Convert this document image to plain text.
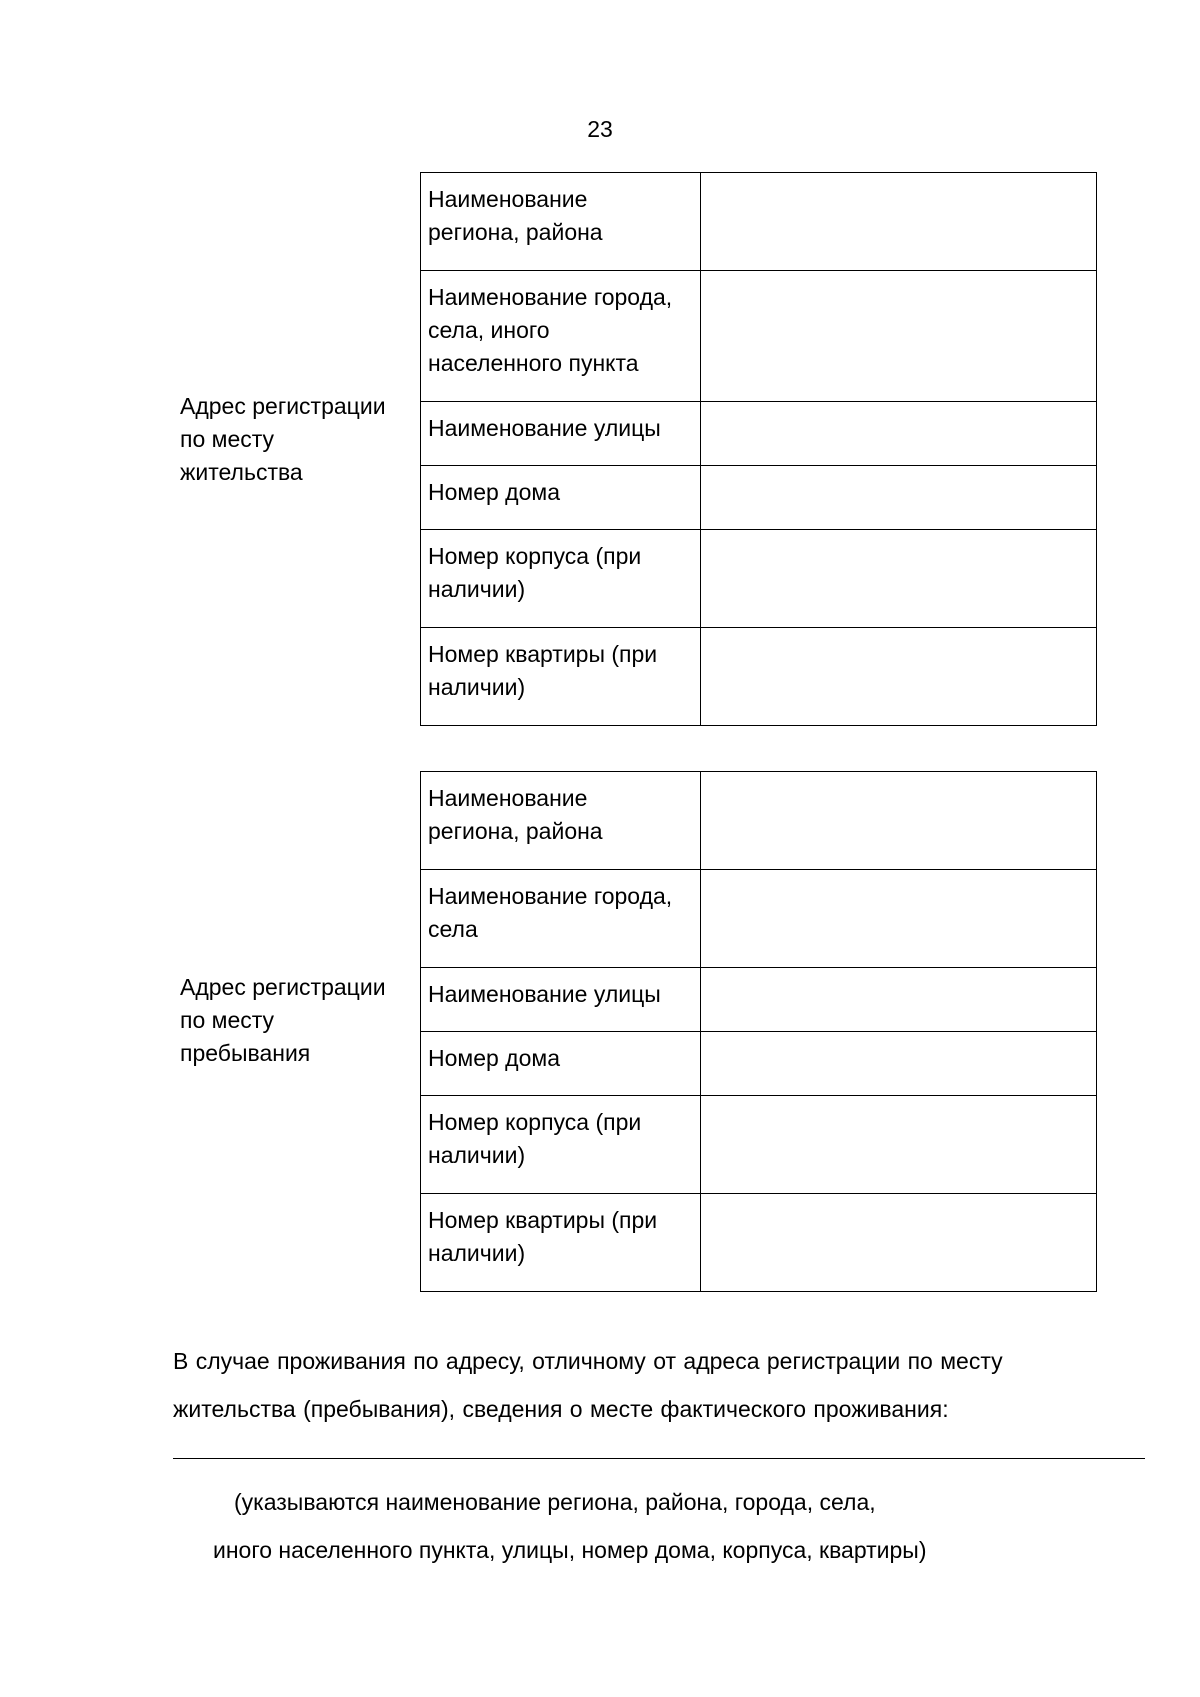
23
Адрес регистрации
по месту
жительства
Наименование
региона, района	

Наименование города,
села, иного
населенного пункта	

Наименование улицы	

Номер дома	

Номер корпуса (при
наличии)	

Номер квартиры (при
наличии)	

Адрес регистрации
по месту
пребывания
Наименование
региона, района	

Наименование города,
села	

Наименование улицы	

Номер дома	

Номер корпуса (при
наличии)	

Номер квартиры (при
наличии)	

В случае проживания по адресу, отличному от адреса регистрации по месту
жительства (пребывания), сведения о месте фактического проживания:
(указываются наименование региона, района, города, села,
иного населенного пункта, улицы, номер дома, корпуса, квартиры)
